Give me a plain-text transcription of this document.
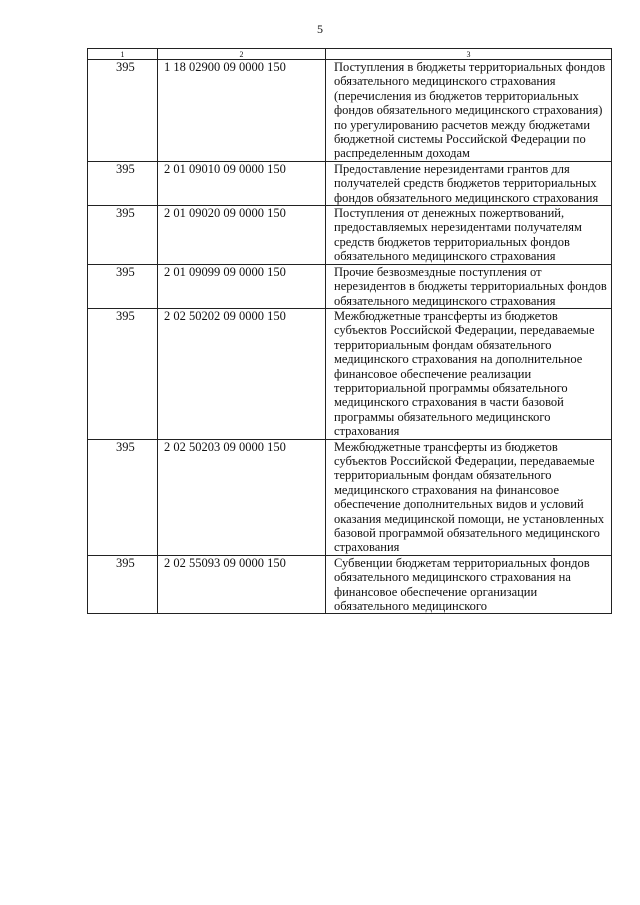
5
1	2	3
395	1 18 02900 09 0000 150	Поступления в бюджеты территориальных фондов обязательного медицинского страхования (перечисления из бюджетов территориальных фондов обязательного медицинского страхования) по урегулированию расчетов между бюджетами бюджетной системы Российской Федерации по распределенным доходам

395	2 01 09010 09 0000 150	Предоставление нерезидентами грантов для получателей средств бюджетов территориальных фондов обязательного медицинского страхования

395	2 01 09020 09 0000 150	Поступления от денежных пожертвований, предоставляемых нерезидентами получателям средств бюджетов территориальных фондов обязательного медицинского страхования

395	2 01 09099 09 0000 150	Прочие безвозмездные поступления от нерезидентов в бюджеты территориальных фондов обязательного медицинского страхования

395	2 02 50202 09 0000 150	Межбюджетные трансферты из бюджетов субъектов Российской Федерации, передаваемые территориальным фондам обязательного медицинского страхования на дополнительное финансовое обеспечение реализации территориальной программы обязательного медицинского страхования в части базовой программы обязательного медицинского страхования

395	2 02 50203 09 0000 150	Межбюджетные трансферты из бюджетов субъектов Российской Федерации, передаваемые территориальным фондам обязательного медицинского страхования на финансовое обеспечение дополнительных видов и условий оказания медицинской помощи, не установленных базовой программой обязательного медицинского страхования

395	2 02 55093 09 0000 150	Субвенции бюджетам территориальных фондов обязательного медицинского страхования на финансовое обеспечение организации обязательного медицинского
